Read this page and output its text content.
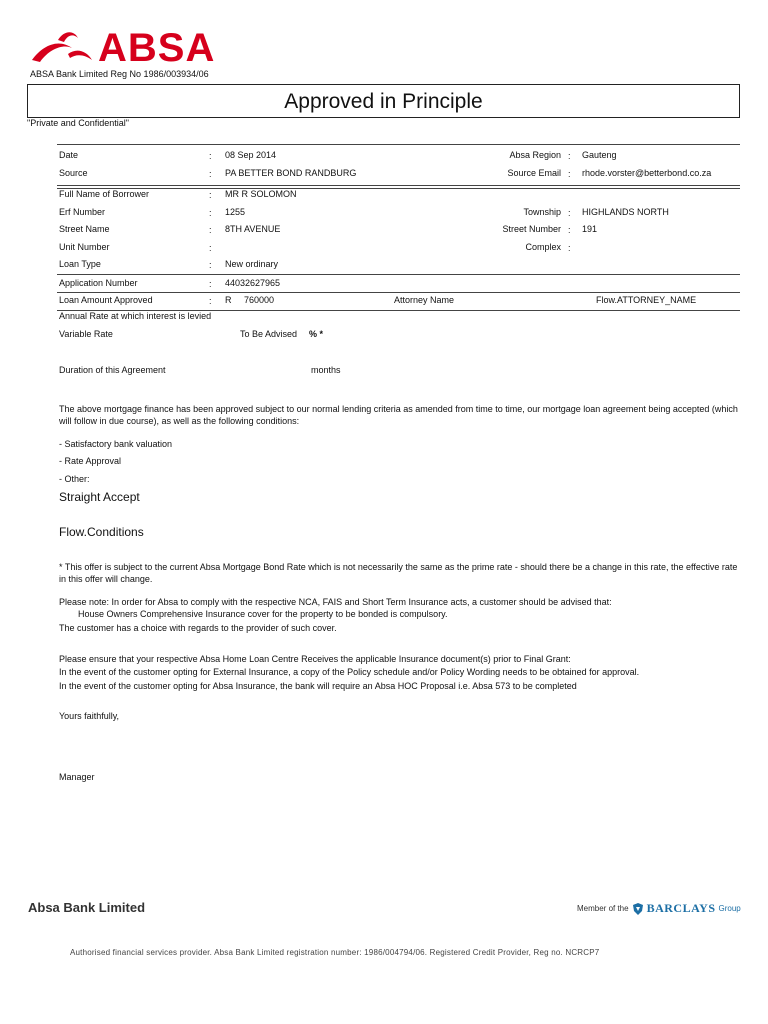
ABSA
ABSA Bank Limited Reg No 1986/003934/06
Approved in Principle
"Private and Confidential"
Date	: 08 Sep 2014	Absa Region : Gauteng
Source	: PA BETTER BOND RANDBURG	Source Email : rhode.vorster@betterbond.co.za
Full Name of Borrower	: MR R SOLOMON
Erf Number	: 1255	Township : HIGHLANDS NORTH
Street Name	: 8TH AVENUE	Street Number : 191
Unit Number	:	Complex :
Loan Type	: New ordinary
Application Number	: 44032627965
Loan Amount Approved	: R 760000	Attorney Name	Flow.ATTORNEY_NAME
Annual Rate at which interest is levied
Variable Rate	To Be Advised % *
Duration of this Agreement	months
The above mortgage finance has been approved subject to our normal lending criteria as amended from time to time, our mortgage loan agreement being accepted (which will follow in due course), as well as the following conditions:
- Satisfactory bank valuation
- Rate Approval
- Other:
Straight Accept
Flow.Conditions
* This offer is subject to the current Absa Mortgage Bond Rate which is not necessarily the same as the prime rate - should there be a change in this rate, the effective rate in this offer will change.
Please note: In order for Absa to comply with the respective NCA, FAIS and Short Term Insurance acts, a customer should be advised that:
House Owners Comprehensive Insurance cover for the property to be bonded is compulsory.
The customer has a choice with regards to the provider of such cover.
Please ensure that your respective Absa Home Loan Centre Receives the applicable Insurance document(s) prior to Final Grant:
In the event of the customer opting for External Insurance, a copy of the Policy schedule and/or Policy Wording needs to be obtained for approval.
In the event of the customer opting for Absa Insurance, the bank will require an Absa HOC Proposal i.e. Absa 573 to be completed
Yours faithfully,
Manager
Absa Bank Limited	Member of the BARCLAYS Group
Authorised financial services provider. Absa Bank Limited registration number: 1986/004794/06. Registered Credit Provider, Reg no. NCRCP7
